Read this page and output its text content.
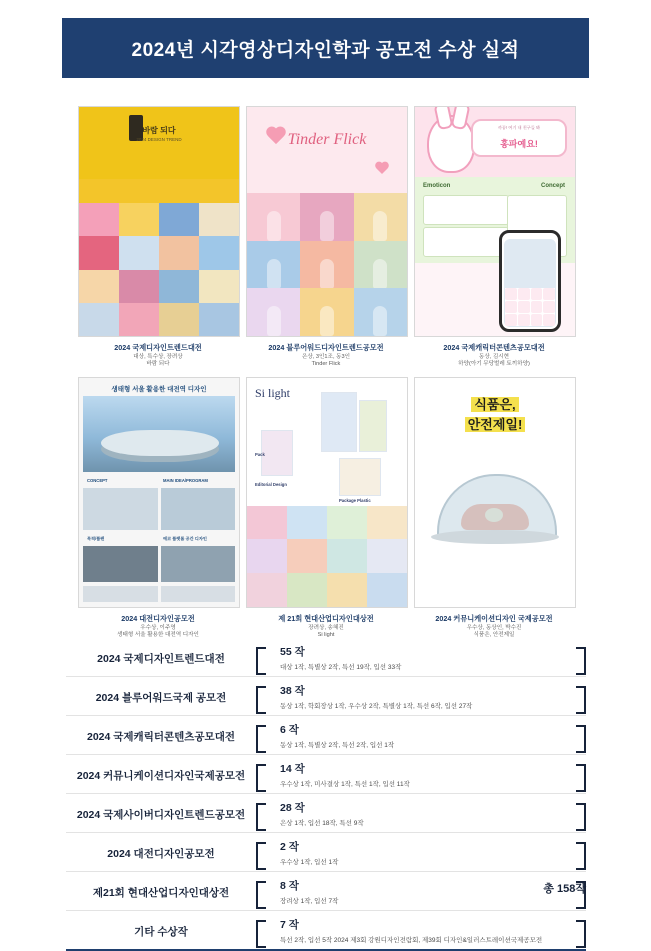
2024년 시각영상디자인학과 공모전 수상 실적
바람 되다
2024 DESIGN TREND
2024 국제디자인트렌드대전
대상, 특수상, 장려상
바람 되다
Tinder Flick
2024 블루어워드디자인트렌드공모전
은상, 3인1조, 동3인
Tinder Flick
까꿍! 여기 내 친구들 봐
홍파예요!
Emoticon	Concept
2024 국제캐릭터콘텐츠공모대전
동상, 김시현
하양(아기 무당벌레 토끼하양)
생태형 서울 활용한 대전역 디자인
CONCEPT	MAIN IDEA/PROGRAM
목적/플랜	에코 플랫폼 공간 디자인
2024 대전디자인공모전
우수상, 이주영
생태형 서울 활용한 대전역 디자인
Si light
Pack
Editorial Design
Package Plastic
제 21회 현대산업디자인대상전
장려상, 송혜진
Si light
식품은,
안전제일!
2024 커뮤니케이션디자인 국제공모전
우수상, 동상인, 박수진
식품은, 안전제일
2024 국제디자인트렌드대전
55 작
대상 1작, 특별상 2작, 특선 19작, 입선 33작
2024 블루어워드국제 공모전
38 작
동상 1작, 학회장상 1작, 우수상 2작, 특별상 1작, 특선 6작, 입선 27작
2024 국제캐릭터콘텐츠공모대전
6 작
동상 1작, 특별상 2작, 특선 2작, 입선 1작
2024 커뮤니케이션디자인국제공모전
14 작
우수상 1작, 미사결상 1작, 특선 1작, 입선 11작
2024 국제사이버디자인트렌드공모전
28 작
은상 1작, 입선 18작, 특선 9작
2024 대전디자인공모전
2 작
우수상 1작, 입선 1작
제21회 현대산업디자인대상전
8 작
장려상 1작, 입선 7작
기타 수상작
7 작
특선 2작, 입선 5작 2024 제3회 강원디자인전람회, 제39회 디자인&일러스트레이션국제공모전
총 158작
